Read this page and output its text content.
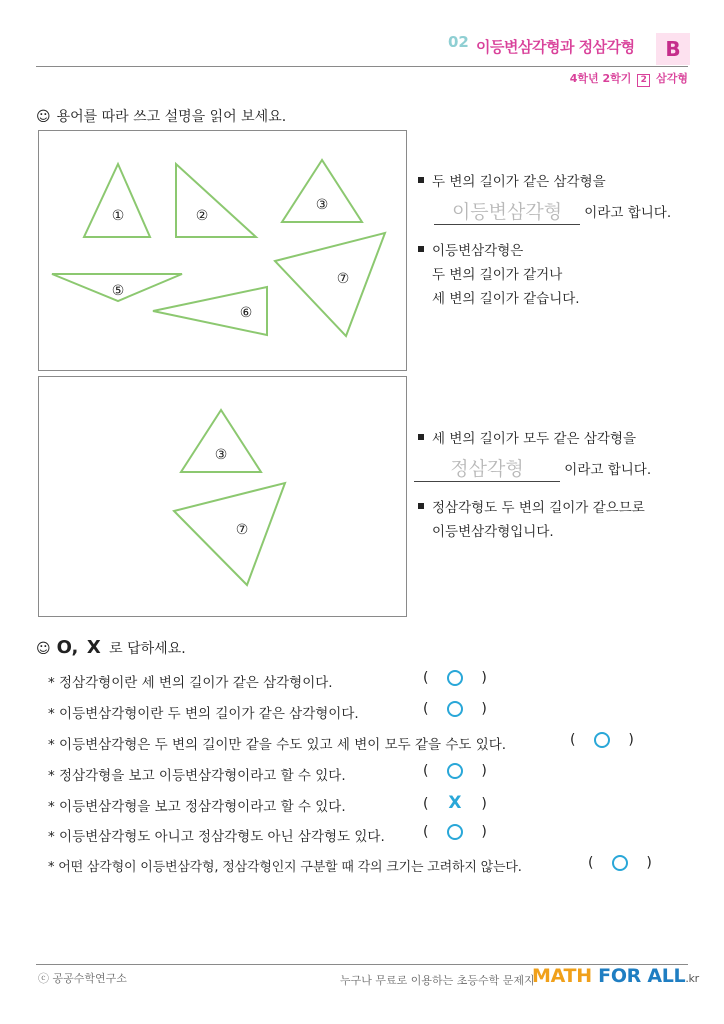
02 이등변삼각형과 정삼각형	B
4학년 2학기 2 삼각형
☺ 용어를 따라 쓰고 설명을 읽어 보세요.
①	②
③
⑤
⑥
⑦
③
⑦
두 변의 길이가 같은 삼각형을
이등변삼각형 이라고 합니다.
이등변삼각형은
두 변의 길이가 같거나
세 변의 길이가 같습니다.
세 변의 길이가 모두 같은 삼각형을
정삼각형	이라고 합니다.
정삼각형도 두 변의 길이가 같으므로
이등변삼각형입니다.
☺ O, X 로 답하세요.
* 정삼각형이란 세 변의 길이가 같은 삼각형이다.	(	)
* 이등변삼각형이란 두 변의 길이가 같은 삼각형이다.	(	)
* 이등변삼각형은 두 변의 길이만 같을 수도 있고 세 변이 모두 같을 수도 있다.	(	)
* 정삼각형을 보고 이등변삼각형이라고 할 수 있다.	(	)
* 이등변삼각형을 보고 정삼각형이라고 할 수 있다.	( X )
* 이등변삼각형도 아니고 정삼각형도 아닌 삼각형도 있다.	(	)
* 어떤 삼각형이 이등변삼각형, 정삼각형인지 구분할 때 각의 크기는 고려하지 않는다.	(	)
ⓒ 공공수학연구소	누구나 무료로 이용하는 초등수학 문제지
MATH FOR ALL.kr
